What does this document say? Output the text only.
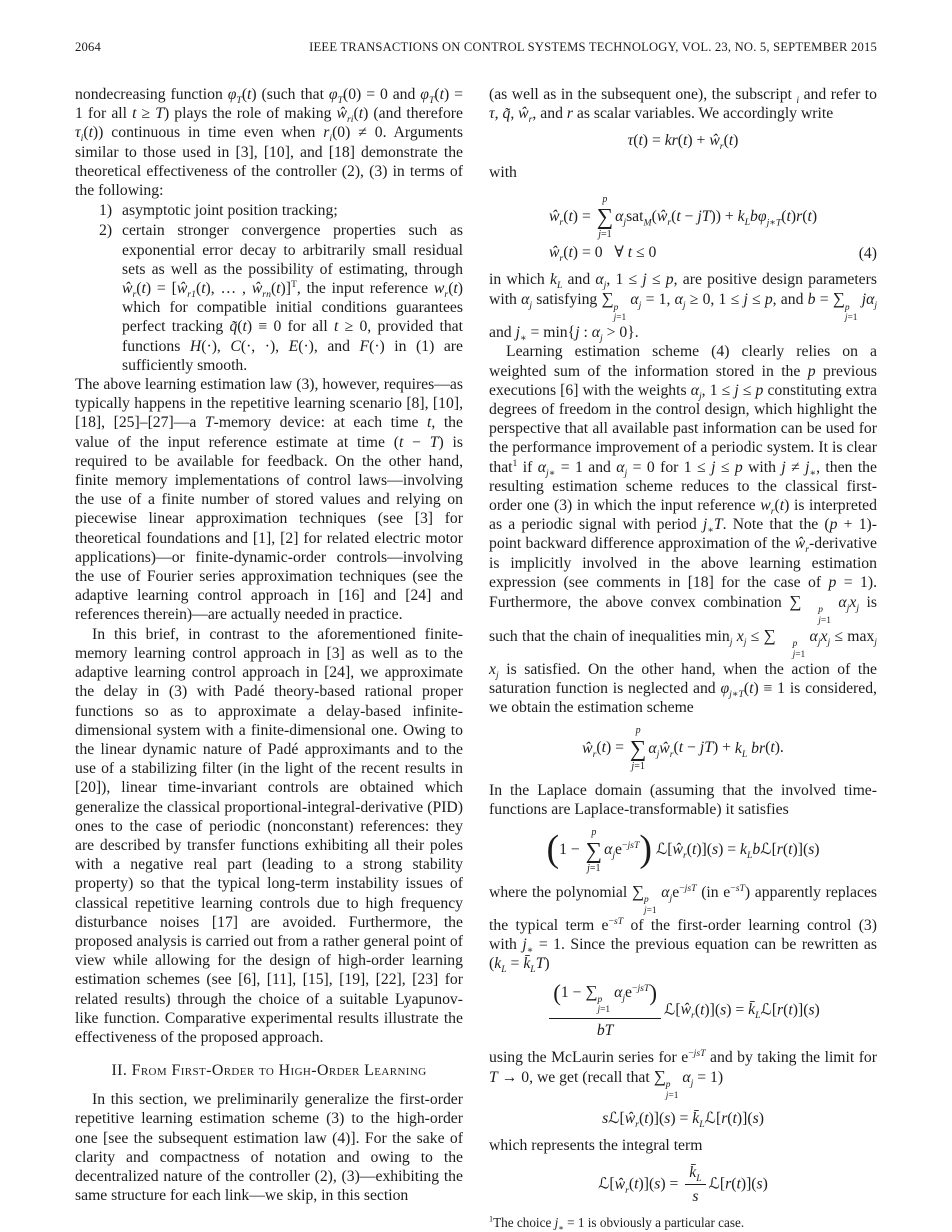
2064	IEEE TRANSACTIONS ON CONTROL SYSTEMS TECHNOLOGY, VOL. 23, NO. 5, SEPTEMBER 2015

nondecreasing function $\varphi_T(t)$ (such that $\varphi_T(0) = 0$ and $\varphi_T(t) = 1$ for all t ≥ T) plays the role of making $ŵ_{ri}(t)$ (and therefore $\tau_i(t)$) continuous in time even when $r_i(0) \ne 0$. Arguments similar to those used in [3], [10], and [18] demonstrate the theoretical effectiveness of the controller (2), (3) in terms of the following:

1) asymptotic joint position tracking;
2) certain stronger convergence properties such as exponential error decay to arbitrarily small residual sets as well as the possibility of estimating, through $ŵ_r(t)$ = [$ŵ_{r1}(t)$, … , $ŵ_{rn}(t)]^T$, the input reference $w_r(t)$ which for compatible initial conditions guarantees perfect tracking q̃(t) ≡ 0 for all t ≥ 0, provided that functions H(·), C(·, ·), E(·), and F(·) in (1) are sufficiently smooth.

The above learning estimation law (3), however, requires—as typically happens in the repetitive learning scenario [8], [10], [18], [25]–[27]—a T-memory device: at each time t, the value of the input reference estimate at time (t − T) is required to be available for feedback. On the other hand, finite memory implementations of control laws—involving the use of a finite number of stored values and relying on piecewise linear approximation techniques (see [3] for theoretical foundations and [1], [2] for related electric motor applications)—or finite-dynamic-order controls—involving the use of Fourier series approximation techniques (see the adaptive learning control approach in [16] and [24] and references therein)—are actually needed in practice.

In this brief, in contrast to the aforementioned finite-memory learning control approach in [3] as well as to the adaptive learning control approach in [24], we approximate the delay in (3) with Padé theory-based rational proper functions so as to approximate a delay-based infinite-dimensional system with a finite-dimensional one. Owing to the linear dynamic nature of Padé approximants and to the use of a stabilizing filter (in the light of the recent results in [20]), linear time-invariant controls are obtained which generalize the classical proportional-integral-derivative (PID) ones to the case of periodic (nonconstant) references: they are described by transfer functions exhibiting all their poles with a negative real part (leading to a strong stability property) so that the typical long-term instability issues of classical repetitive learning controls due to high frequency disturbance noises [17] are avoided. Furthermore, the proposed analysis is carried out from a rather general point of view while allowing for the design of high-order learning estimation schemes (see [6], [11], [15], [19], [22], [23] for related results) through the choice of a suitable Lyapunov-like function. Comparative experimental results illustrate the effectiveness of the proposed approach.

II. From First-Order to High-Order Learning

In this section, we preliminarily generalize the first-order repetitive learning estimation scheme (3) to the high-order one [see the subsequent estimation law (4)]. For the sake of clarity and compactness of notation and owing to the decentralized nature of the controller (2), (3)—exhibiting the same structure for each link—we skip, in this section

(as well as in the subsequent one), the subscript $_i$ and refer to τ, q̃, $ŵ_r$, and r as scalar variables. We accordingly write

$\tau(t) = kr(t) + ŵ_r(t)$
with
$ŵ_r(t)$ =
p
∑
j=1
$\alpha_jsat_M(ŵ_r(t - jT)) + k_Lb\varphi_{j∗T}(t)r(t)$
$ŵ_r(t) = 0$   ∀ t ≤ 0	(4)

in which $k_L$ and $\alpha_j$, 1 ≤ j ≤ p, are positive design parameters with $\alpha_j$ satisfying ∑ p
j=1
$\alpha_j = 1$, $\alpha_j \ge 0$, 1 ≤ j ≤ p, and b = ∑ p
j=1
$j\alpha_j$ and $j_∗ = \min\{j$ : $\alpha_j > 0$}.

Learning estimation scheme (4) clearly relies on a weighted sum of the information stored in the p previous executions [6] with the weights $\alpha_j$, 1 ≤ j ≤ p constituting extra degrees of freedom in the control design, which highlight the perspective that all available past information can be used for the performance improvement of a periodic system. It is clear that$^1$ if $\alpha_{j∗} = 1$ and $\alpha_j = 0$ for 1 ≤ j ≤ p with $j \ne j_∗$, then the resulting estimation scheme reduces to the classical first-order one (3) in which the input reference $w_r(t)$ is interpreted as a periodic signal with period $j_∗T$. Note that the (p + 1)-point backward difference approximation of the $ŵ_r$-derivative is implicitly involved in the above learning estimation expression (see comments in [18] for the case of p = 1). Furthermore, the above convex combination ∑	p
j=1
$\alpha_jx_j$ is such that the chain of inequalities $\min_j x_j$ ≤ ∑	p
j=1
$\alpha_jx_j \le \max_j x_j$ is satisfied. On the other hand, when the action of the saturation function is neglected and $\varphi_{j∗T}(t) \equiv 1$ is considered, we obtain the estimation scheme

$ŵ_r(t)$ =
p
∑
j=1
$\alpha_jŵ_r(t - jT) + k_L$ br(t).

In the Laplace domain (assuming that the involved time-functions are Laplace-transformable) it satisfies

(1 −
p
∑
j=1
$\alpha_je^{-jsT}$) $ℒ[ŵ_r(t)](s)$ = $k_Lbℒ[r(t)](s)$

where the polynomial ∑ p
j=1
$\alpha_je^{-jsT}$ (in $e^{-sT}$) apparently replaces the typical term $e^{-sT}$ of the first-order learning control (3) with $j_∗ = 1$. Since the previous equation can be rewritten as ($k_L$ = $k̄_LT$)

(1 − ∑ p
j=1
$\alpha_je^{-jsT}$)
bT $ℒ[ŵ_r(t)](s)$ = $k̄_Lℒ[r(t)](s)$

using the McLaurin series for $e^{-jsT}$ and by taking the limit for T → 0, we get (recall that ∑ p
j=1
$\alpha_j = 1$)

$sℒ[ŵ_r(t)](s)$ = $k̄_Lℒ[r(t)](s)$

which represents the integral term

$ℒ[ŵ_r(t)](s) = \frac{k̄_L}{s}$ ℒ[r(t)](s)
$^1$The choice $j_∗ = 1$ is obviously a particular case.
